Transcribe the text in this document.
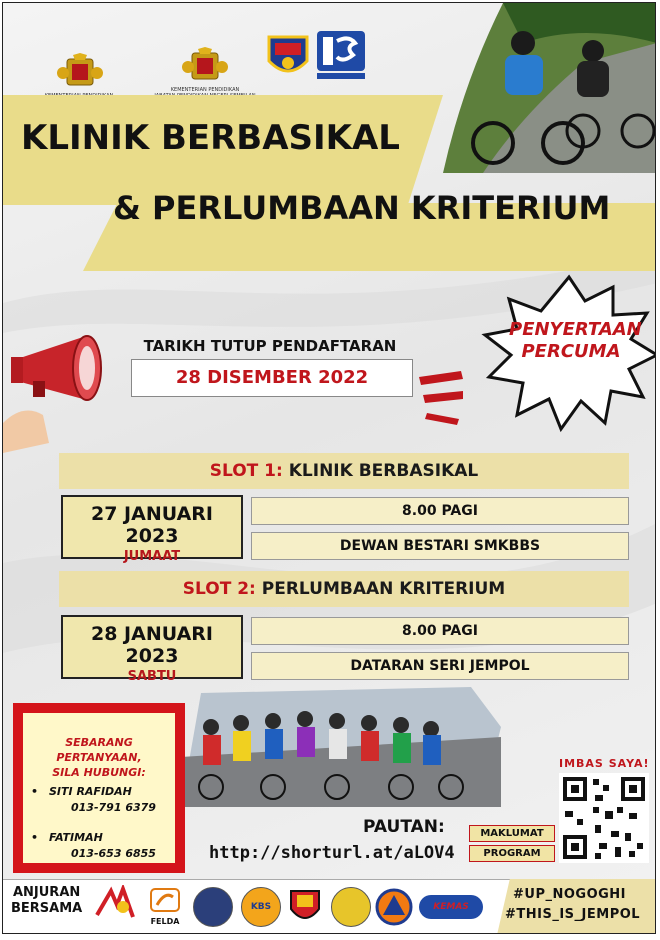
KEMENTERIAN PENDIDIKAN

KLINIK BERBASIKAL
& PERLUMBAAN KRITERIUM
PENYERTAAN
PERCUMA
TARIKH TUTUP PENDAFTARAN
28 DISEMBER 2022
SLOT 1: KLINIK BERBASIKAL
27 JANUARI 2023
JUMAAT
8.00 PAGI
DEWAN BESTARI SMKBBS
SLOT 2: PERLUMBAAN KRITERIUM
28 JANUARI 2023
SABTU
8.00 PAGI
DATARAN SERI JEMPOL
SEBARANG PERTANYAAN,
SILA HUBUNGI:
• SITI RAFIDAH
013-791 6379
• FATIMAH
013-653 6855
PAUTAN:
http://shorturl.at/aLOV4
MAKLUMAT
PROGRAM
IMBAS SAYA!
ANJURAN
BERSAMA
FELDA
KBS	KEMAS
#UP_NOGOGHI
#THIS_IS_JEMPOL
